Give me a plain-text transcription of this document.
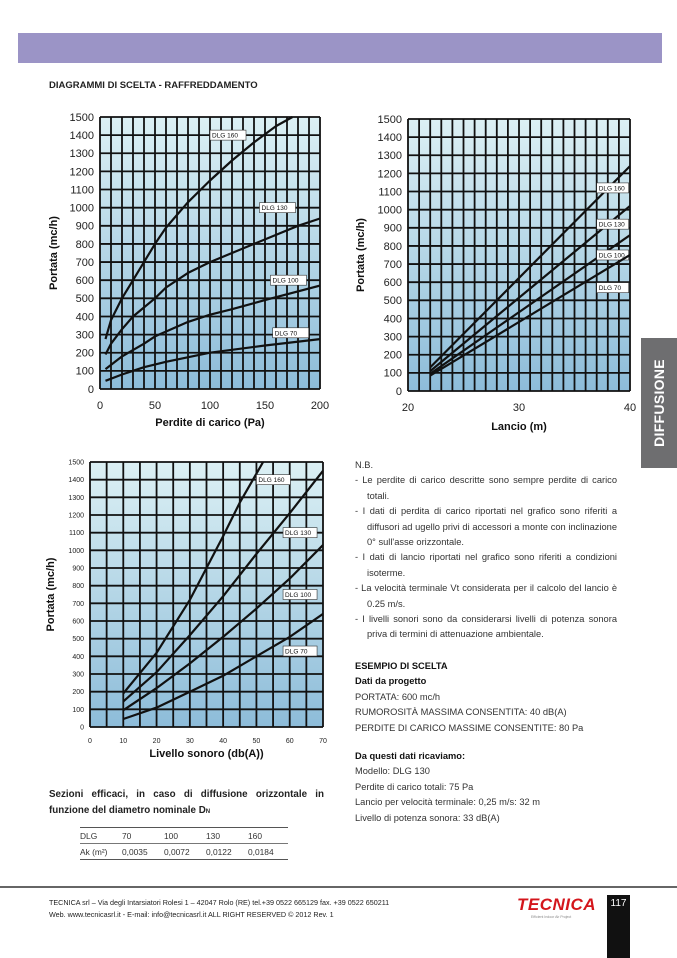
DIAGRAMMI DI SCELTA - RAFFREDDAMENTO
DIFFUSIONE
0
100
200
300
400
500
600
700
800
900
1000
1100
1200
1300
1400
1500
0	50	100	150	200
Perdite di carico (Pa)
Portata (mc/h)
DLG 160
DLG 130
DLG 100
DLG 70
0
100
200
300
400
500
600
700
800
900
1000
1100
1200
1300
1400
1500
20	30	40
Lancio (m)
Portata (mc/h)
DLG 160
DLG 130
DLG 100
DLG 70
0
100
200
300
400
500
600
700
800
900
1000
1100
1200
1300
1400
1500
0	10	20	30	40	50	60	70
Livello sonoro (db(A))
Portata (mc/h)
DLG 160
DLG 130
DLG 100
DLG 70
N.B.
- Le perdite di carico descritte sono sempre perdite di carico totali.
- I dati di perdita di carico riportati nel grafico sono riferiti a diffusori ad ugello privi di accessori a monte con inclinazione 0° sull'asse orizzontale.
- I dati di lancio riportati nel grafico sono riferiti a condizioni isoterme.
- La velocità terminale Vt considerata per il calcolo del lancio è 0.25 m/s.
- I livelli sonori sono da considerarsi livelli di potenza sonora priva di termini di attenuazione ambientale.
ESEMPIO DI SCELTA
Dati da progetto
PORTATA: 600 mc/h
RUMOROSITÀ MASSIMA CONSENTITA: 40 dB(A)
PERDITE DI CARICO MASSIME CONSENTITE: 80 Pa
Da questi dati ricaviamo:
Modello: DLG 130
Perdite di carico totali: 75 Pa
Lancio per velocità terminale: 0,25 m/s: 32 m
Livello di potenza sonora: 33 dB(A)
Sezioni efficaci, in caso di diffusione orizzontale in funzione del diametro nominale DN
DLG	70	100	130	160
Ak (m²)	0,0035	0,0072	0,0122	0,0184
TECNICA srl – Via degli Intarsiatori Rolesi 1 – 42047 Rolo (RE) tel.+39 0522 665129 fax. +39 0522 650211
Web. www.tecnicasrl.it - E-mail: info@tecnicasrl.it ALL RIGHT RESERVED © 2012 Rev. 1
TECNICA
Efficient Indoor Air Project
117
